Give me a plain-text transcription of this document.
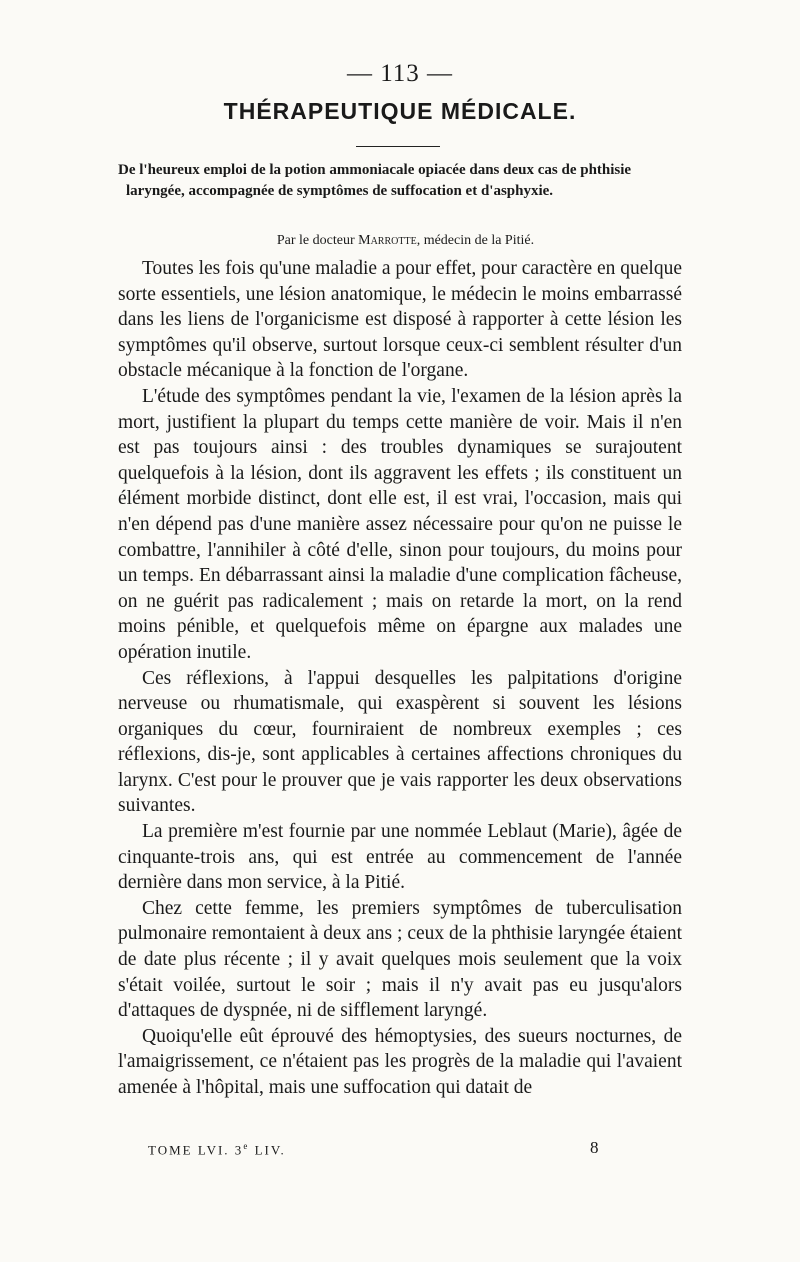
— 113 —
THÉRAPEUTIQUE MÉDICALE.
De l'heureux emploi de la potion ammoniacale opiacée dans deux cas de phthisie laryngée, accompagnée de symptômes de suffocation et d'asphyxie.
Par le docteur Marrotte, médecin de la Pitié.

Toutes les fois qu'une maladie a pour effet, pour caractère en quelque sorte essentiels, une lésion anatomique, le médecin le moins embarrassé dans les liens de l'organicisme est disposé à rapporter à cette lésion les symptômes qu'il observe, surtout lorsque ceux-ci semblent résulter d'un obstacle mécanique à la fonction de l'organe.

L'étude des symptômes pendant la vie, l'examen de la lésion après la mort, justifient la plupart du temps cette manière de voir. Mais il n'en est pas toujours ainsi : des troubles dynamiques se surajoutent quelquefois à la lésion, dont ils aggravent les effets ; ils constituent un élément morbide distinct, dont elle est, il est vrai, l'occasion, mais qui n'en dépend pas d'une manière assez nécessaire pour qu'on ne puisse le combattre, l'annihiler à côté d'elle, sinon pour toujours, du moins pour un temps. En débarrassant ainsi la maladie d'une complication fâcheuse, on ne guérit pas radicalement ; mais on retarde la mort, on la rend moins pénible, et quelquefois même on épargne aux malades une opération inutile.

Ces réflexions, à l'appui desquelles les palpitations d'origine nerveuse ou rhumatismale, qui exaspèrent si souvent les lésions organiques du cœur, fourniraient de nombreux exemples ; ces réflexions, dis-je, sont applicables à certaines affections chroniques du larynx. C'est pour le prouver que je vais rapporter les deux observations suivantes.

La première m'est fournie par une nommée Leblaut (Marie), âgée de cinquante-trois ans, qui est entrée au commencement de l'année dernière dans mon service, à la Pitié.

Chez cette femme, les premiers symptômes de tuberculisation pulmonaire remontaient à deux ans ; ceux de la phthisie laryngée étaient de date plus récente ; il y avait quelques mois seulement que la voix s'était voilée, surtout le soir ; mais il n'y avait pas eu jusqu'alors d'attaques de dyspnée, ni de sifflement laryngé.

Quoiqu'elle eût éprouvé des hémoptysies, des sueurs nocturnes, de l'amaigrissement, ce n'étaient pas les progrès de la maladie qui l'avaient amenée à l'hôpital, mais une suffocation qui datait de

TOME LVI. 3e LIV.	8
